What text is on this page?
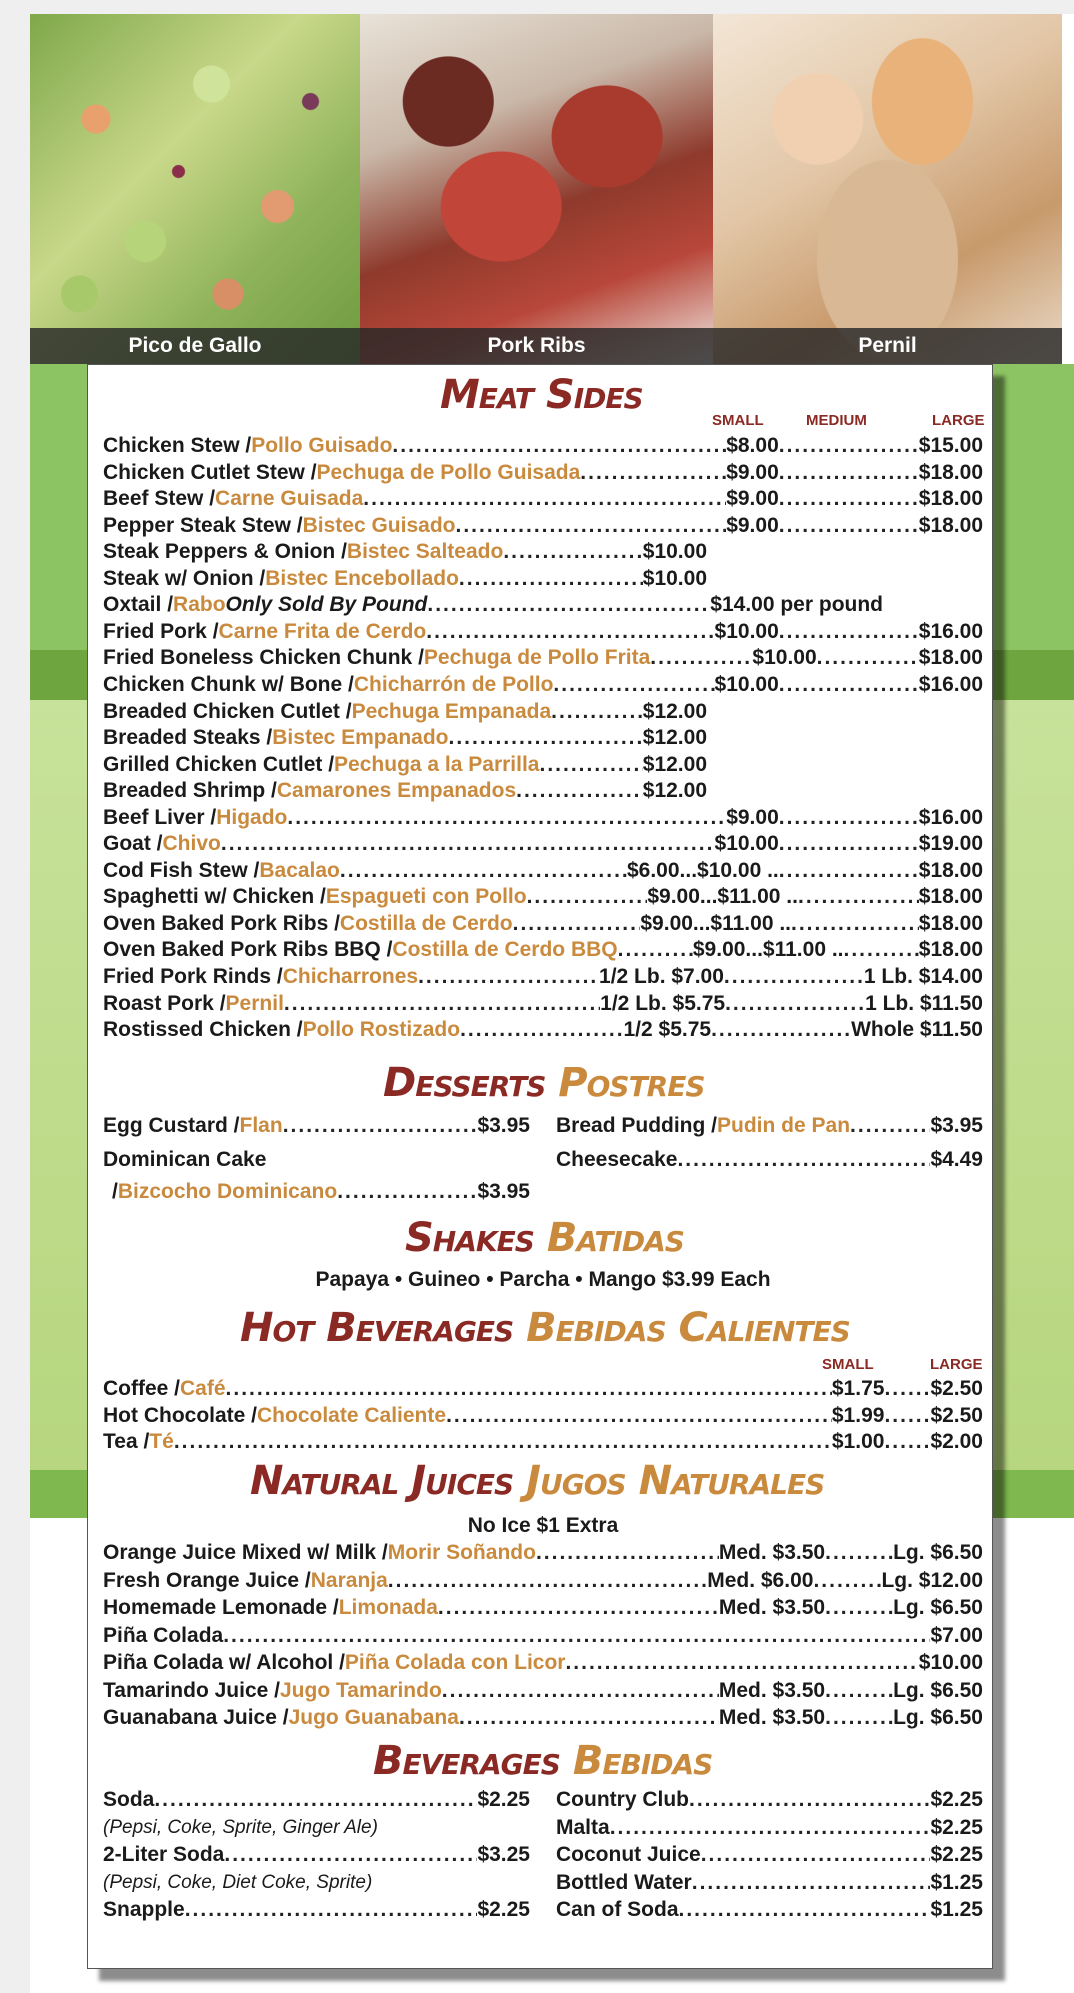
Pico de Gallo	Pork Ribs	Pernil
Meat Sides
SMALL	MEDIUM	LARGE
Chicken Stew / Pollo Guisado .....	$8.00 .....	$15.00
Chicken Cutlet Stew / Pechuga de Pollo Guisada .....	$9.00 .....	$18.00
Beef Stew / Carne Guisada .....	$9.00 .....	$18.00
Pepper Steak Stew / Bistec Guisado .....	$9.00 .....	$18.00
Steak Peppers & Onion / Bistec Salteado .....	$10.00
Steak w/ Onion / Bistec Encebollado .....	$10.00
Oxtail / Rabo Only Sold By Pound .....	$14.00 per pound
Fried Pork / Carne Frita de Cerdo .....	$10.00 .....	$16.00
Fried Boneless Chicken Chunk / Pechuga de Pollo Frita .....	$10.00 .....	$18.00
Chicken Chunk w/ Bone / Chicharrón de Pollo .....	$10.00 .....	$16.00
Breaded Chicken Cutlet / Pechuga Empanada .....	$12.00
Breaded Steaks / Bistec Empanado .....	$12.00
Grilled Chicken Cutlet / Pechuga a la Parrilla .....	$12.00
Breaded Shrimp / Camarones Empanados .....	$12.00
Beef Liver / Higado .....	$9.00 .....	$16.00
Goat / Chivo .....	$10.00 .....	$19.00
Cod Fish Stew / Bacalao .....	$6.00...$10.00 .. .....	$18.00
Spaghetti w/ Chicken / Espagueti con Pollo .....	$9.00...$11.00 .. .....	$18.00
Oven Baked Pork Ribs / Costilla de Cerdo .....	$9.00...$11.00 .. .....	$18.00
Oven Baked Pork Ribs BBQ / Costilla de Cerdo BBQ .....	$9.00...$11.00 .. .....	$18.00
Fried Pork Rinds / Chicharrones .....	1/2 Lb. $7.00 .....	1 Lb. $14.00
Roast Pork / Pernil .....	1/2 Lb. $5.75 .....	1 Lb. $11.50
Rostissed Chicken / Pollo Rostizado .....	1/2 $5.75 .....	Whole $11.50
Desserts Postres
Egg Custard / Flan .....	$3.95
Dominican Cake
/ Bizcocho Dominicano .....	$3.95
Bread Pudding / Pudin de Pan .....	$3.95
Cheesecake .....	$4.49
Shakes Batidas
Papaya • Guineo • Parcha • Mango $3.99 Each
Hot Beverages Bebidas Calientes
SMALL	LARGE
Coffee / Café .....	$1.75 ..... $2.50
Hot Chocolate / Chocolate Caliente .....	$1.99 ..... $2.50
Tea / Té .....	$1.00 ..... $2.00
Natural Juices Jugos Naturales
No Ice $1 Extra
Orange Juice Mixed w/ Milk / Morir Soñando .....	Med. $3.50 .....	Lg. $6.50
Fresh Orange Juice / Naranja .....	Med. $6.00 .....	Lg. $12.00
Homemade Lemonade / Limonada .....	Med. $3.50 .....	Lg. $6.50
Piña Colada .....	$7.00
Piña Colada w/ Alcohol / Piña Colada con Licor .....	$10.00
Tamarindo Juice / Jugo Tamarindo .....	Med. $3.50 .....	Lg. $6.50
Guanabana Juice / Jugo Guanabana .....	Med. $3.50 .....	Lg. $6.50
Beverages Bebidas
Soda .....	$2.25
(Pepsi, Coke, Sprite, Ginger Ale)
2-Liter Soda .....	$3.25
(Pepsi, Coke, Diet Coke, Sprite)
Snapple .....	$2.25
Country Club .....	$2.25
Malta .....	$2.25
Coconut Juice .....	$2.25
Bottled Water .....	$1.25
Can of Soda .....	$1.25
